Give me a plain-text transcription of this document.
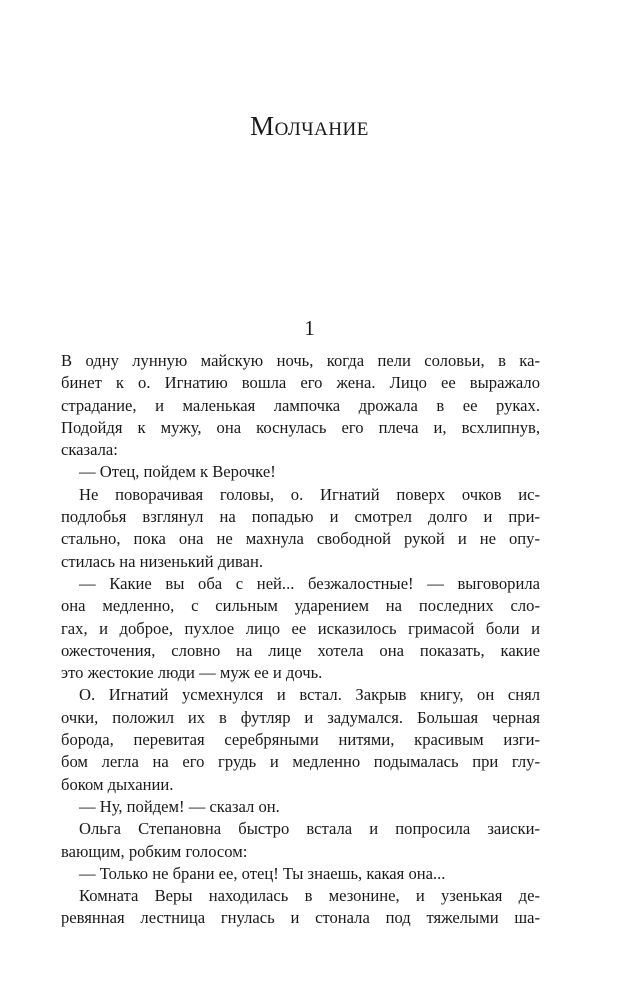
Молчание
1
В одну лунную майскую ночь, когда пели соловьи, в ка-
бинет к о. Игнатию вошла его жена. Лицо ее выражало
страдание, и маленькая лампочка дрожала в ее руках.
Подойдя к мужу, она коснулась его плеча и, всхлипнув,
сказала:
— Отец, пойдем к Верочке!
Не поворачивая головы, о. Игнатий поверх очков ис-
подлобья взглянул на попадью и смотрел долго и при-
стально, пока она не махнула свободной рукой и не опу-
стилась на низенький диван.
— Какие вы оба с ней... безжалостные! — выговорила
она медленно, с сильным ударением на последних сло-
гах, и доброе, пухлое лицо ее исказилось гримасой боли и
ожесточения, словно на лице хотела она показать, какие
это жестокие люди — муж ее и дочь.
О. Игнатий усмехнулся и встал. Закрыв книгу, он снял
очки, положил их в футляр и задумался. Большая черная
борода, перевитая серебряными нитями, красивым изги-
бом легла на его грудь и медленно подымалась при глу-
боком дыхании.
— Ну, пойдем! — сказал он.
Ольга Степановна быстро встала и попросила заиски-
вающим, робким голосом:
— Только не брани ее, отец! Ты знаешь, какая она...
Комната Веры находилась в мезонине, и узенькая де-
ревянная лестница гнулась и стонала под тяжелыми ша-
